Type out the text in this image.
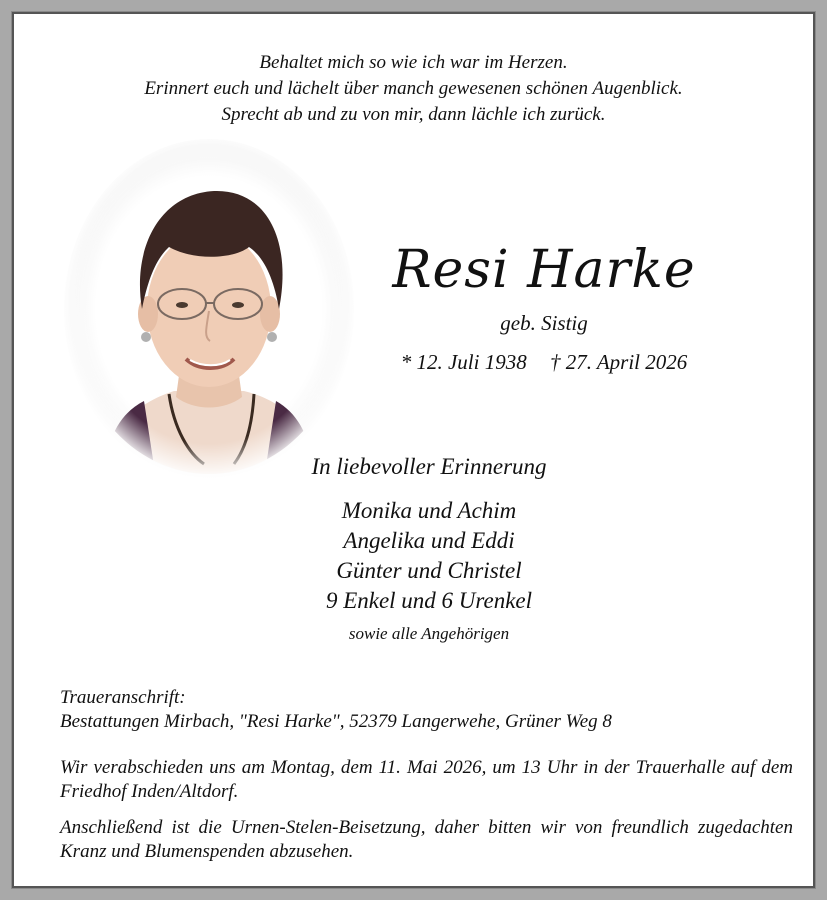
Behaltet mich so wie ich war im Herzen.
Erinnert euch und lächelt über manch gewesenen schönen Augenblick.
Sprecht ab und zu von mir, dann lächle ich zurück.
Resi Harke
geb. Sistig
* 12. Juli 1938 † 27. April 2026
In liebevoller Erinnerung
Monika und Achim
Angelika und Eddi
Günter und Christel
9 Enkel und 6 Urenkel
sowie alle Angehörigen
Traueranschrift:
Bestattungen Mirbach, "Resi Harke", 52379 Langerwehe, Grüner Weg 8
Wir verabschieden uns am Montag, dem 11. Mai 2026, um 13 Uhr in der Trauerhalle auf dem Friedhof Inden/Altdorf.
Anschließend ist die Urnen-Stelen-Beisetzung, daher bitten wir von freundlich zugedachten Kranz und Blumenspenden abzusehen.
